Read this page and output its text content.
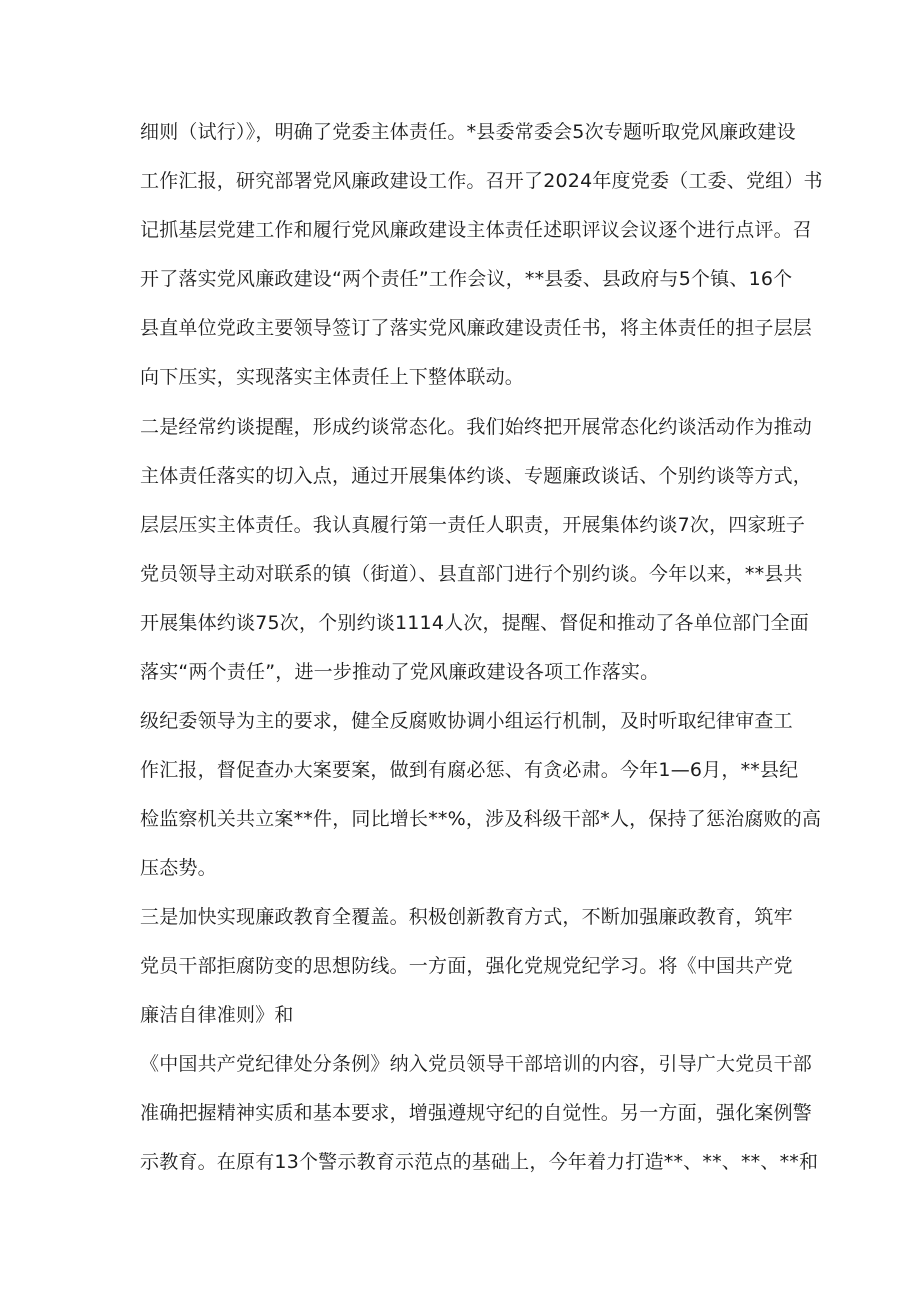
细则（试行）》，明确了党委主体责任。*县委常委会5次专题听取党风廉政建设
工作汇报，研究部署党风廉政建设工作。召开了2024年度党委（工委、党组）书
记抓基层党建工作和履行党风廉政建设主体责任述职评议会议逐个进行点评。召
开了落实党风廉政建设“两个责任”工作会议，**县委、县政府与5个镇、16个
县直单位党政主要领导签订了落实党风廉政建设责任书，将主体责任的担子层层
向下压实，实现落实主体责任上下整体联动。
二是经常约谈提醒，形成约谈常态化。我们始终把开展常态化约谈活动作为推动
主体责任落实的切入点，通过开展集体约谈、专题廉政谈话、个别约谈等方式，
层层压实主体责任。我认真履行第一责任人职责，开展集体约谈7次，四家班子
党员领导主动对联系的镇（街道）、县直部门进行个别约谈。今年以来，**县共
开展集体约谈75次，个别约谈1114人次，提醒、督促和推动了各单位部门全面
落实“两个责任”，进一步推动了党风廉政建设各项工作落实。
级纪委领导为主的要求，健全反腐败协调小组运行机制，及时听取纪律审查工
作汇报，督促查办大案要案，做到有腐必惩、有贪必肃。今年1—6月，**县纪
检监察机关共立案**件，同比增长**%，涉及科级干部*人，保持了惩治腐败的高
压态势。
三是加快实现廉政教育全覆盖。积极创新教育方式，不断加强廉政教育，筑牢
党员干部拒腐防变的思想防线。一方面，强化党规党纪学习。将《中国共产党
廉洁自律准则》和
《中国共产党纪律处分条例》纳入党员领导干部培训的内容，引导广大党员干部
准确把握精神实质和基本要求，增强遵规守纪的自觉性。另一方面，强化案例警
示教育。在原有13个警示教育示范点的基础上，今年着力打造**、**、**、**和
